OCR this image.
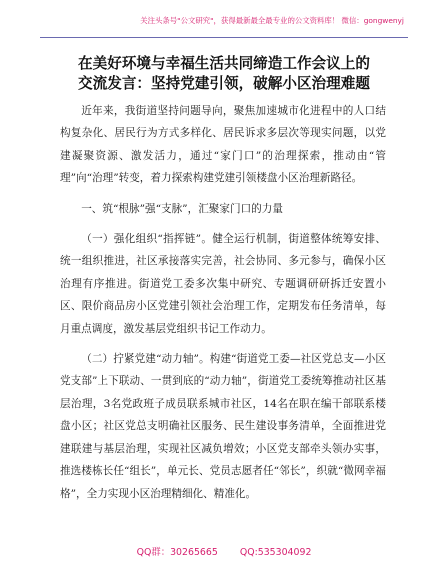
关注头条号"公文研究"，获得最新最全最专业的公文资料库！ 微信：gongwenyj
在美好环境与幸福生活共同缔造工作会议上的
交流发言：坚持党建引领，破解小区治理难题

近年来，我街道坚持问题导向，聚焦加速城市化进程中的人口结构复杂化、居民行为方式多样化、居民诉求多层次等现实问题，以党建凝聚资源、激发活力，通过“家门口”的治理探索，推动由“管理”向“治理”转变，着力探索构建党建引领楼盘小区治理新路径。

一、筑“根脉”强“支脉”，汇聚家门口的力量

（一）强化组织“指挥链”。健全运行机制，街道整体统筹安排、统一组织推进，社区承接落实完善，社会协同、多元参与，确保小区治理有序推进。街道党工委多次集中研究、专题调研研拆迁安置小区、限价商品房小区党建引领社会治理工作，定期发布任务清单，每月重点调度，激发基层党组织书记工作动力。

（二）拧紧党建“动力轴”。构建“街道党工委—社区党总支—小区党支部”上下联动、一贯到底的“动力轴”，街道党工委统筹推动社区基层治理，3名党政班子成员联系城市社区，14名在职在编干部联系楼盘小区；社区党总支明确社区服务、民生建设事务清单，全面推进党建联建与基层治理，实现社区减负增效；小区党支部牵头领办实事，推选楼栋长任“组长”，单元长、党员志愿者任“邻长”，织就“微网幸福格”，全力实现小区治理精细化、精准化。

QQ群：30265665 QQ:535304092
